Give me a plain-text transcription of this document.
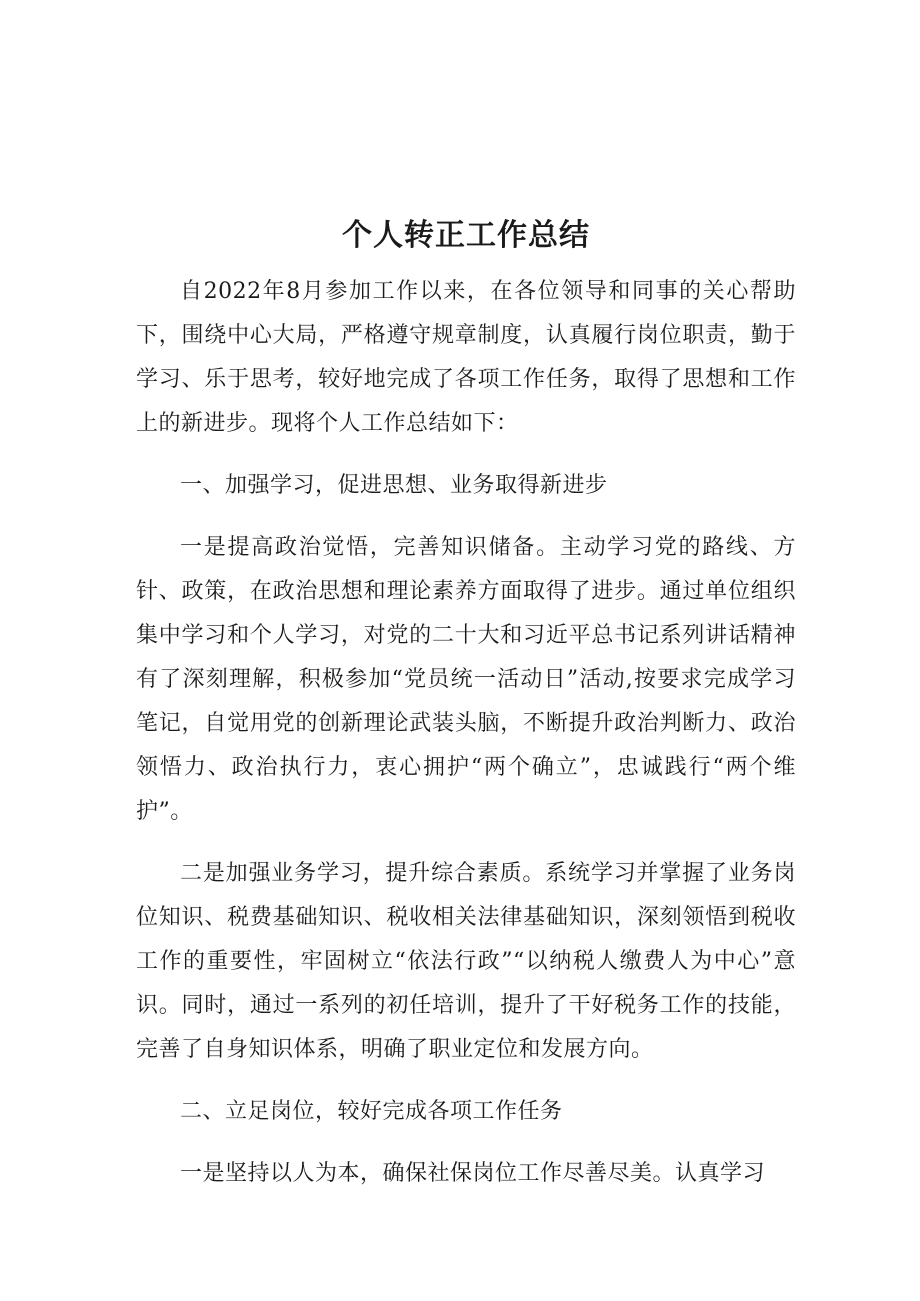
个人转正工作总结

自2022年8月参加工作以来，在各位领导和同事的关心帮助下，围绕中心大局，严格遵守规章制度，认真履行岗位职责，勤于学习、乐于思考，较好地完成了各项工作任务，取得了思想和工作上的新进步。现将个人工作总结如下：

一、加强学习，促进思想、业务取得新进步

一是提高政治觉悟，完善知识储备。主动学习党的路线、方针、政策，在政治思想和理论素养方面取得了进步。通过单位组织集中学习和个人学习，对党的二十大和习近平总书记系列讲话精神有了深刻理解，积极参加“党员统一活动日”活动,按要求完成学习笔记，自觉用党的创新理论武装头脑，不断提升政治判断力、政治领悟力、政治执行力，衷心拥护“两个确立”，忠诚践行“两个维护”。

二是加强业务学习，提升综合素质。系统学习并掌握了业务岗位知识、税费基础知识、税收相关法律基础知识，深刻领悟到税收工作的重要性，牢固树立“依法行政”“以纳税人缴费人为中心”意识。同时，通过一系列的初任培训，提升了干好税务工作的技能，完善了自身知识体系，明确了职业定位和发展方向。

二、立足岗位，较好完成各项工作任务

一是坚持以人为本，确保社保岗位工作尽善尽美。认真学习
